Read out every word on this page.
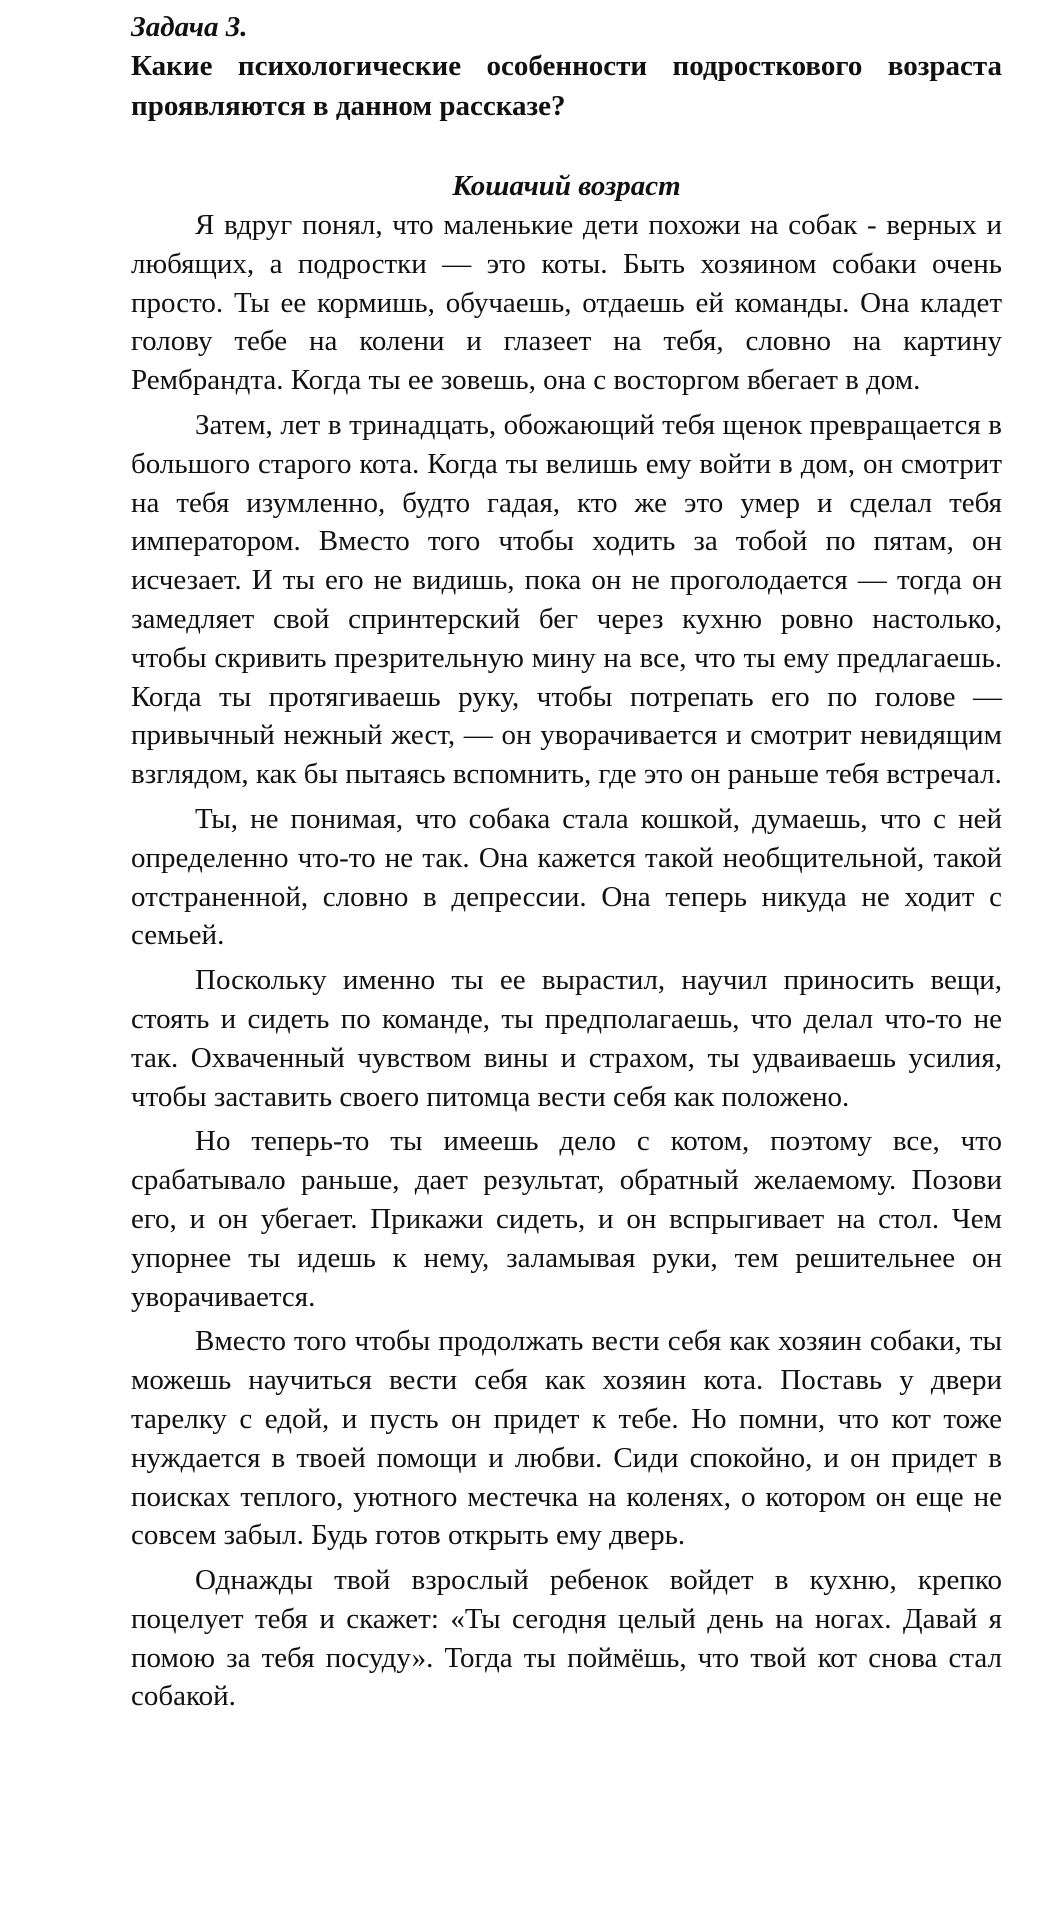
Задача 3.

Какие психологические особенности подросткового возраста проявляются в данном рассказе?

Кошачий возраст

Я вдруг понял, что маленькие дети похожи на собак - верных и любящих, а подростки — это коты. Быть хозяином собаки очень просто. Ты ее кормишь, обучаешь, отдаешь ей команды. Она кладет голову тебе на колени и глазеет на тебя, словно на картину Рембрандта. Когда ты ее зовешь, она с восторгом вбегает в дом.

Затем, лет в тринадцать, обожающий тебя щенок превращается в большого старого кота. Когда ты велишь ему войти в дом, он смотрит на тебя изумленно, будто гадая, кто же это умер и сделал тебя императором. Вместо того чтобы ходить за тобой по пятам, он исчезает. И ты его не видишь, пока он не проголодается — тогда он замедляет свой спринтерский бег через кухню ровно настолько, чтобы скривить презрительную мину на все, что ты ему предлагаешь. Когда ты протягиваешь руку, чтобы потрепать его по голове — привычный нежный жест, — он уворачивается и смотрит невидящим взглядом, как бы пытаясь вспомнить, где это он раньше тебя встречал.

Ты, не понимая, что собака стала кошкой, думаешь, что с ней определенно что-то не так. Она кажется такой необщительной, такой отстраненной, словно в депрессии. Она теперь никуда не ходит с семьей.

Поскольку именно ты ее вырастил, научил приносить вещи, стоять и сидеть по команде, ты предполагаешь, что делал что-то не так. Охваченный чувством вины и страхом, ты удваиваешь усилия, чтобы заставить своего питомца вести себя как положено.

Но теперь-то ты имеешь дело с котом, поэтому все, что срабатывало раньше, дает результат, обратный желаемому. Позови его, и он убегает. Прикажи сидеть, и он вспрыгивает на стол. Чем упорнее ты идешь к нему, заламывая руки, тем решительнее он уворачивается.

Вместо того чтобы продолжать вести себя как хозяин собаки, ты можешь научиться вести себя как хозяин кота. Поставь у двери тарелку с едой, и пусть он придет к тебе. Но помни, что кот тоже нуждается в твоей помощи и любви. Сиди спокойно, и он придет в поисках теплого, уютного местечка на коленях, о котором он еще не совсем забыл. Будь готов открыть ему дверь.

Однажды твой взрослый ребенок войдет в кухню, крепко поцелует тебя и скажет: «Ты сегодня целый день на ногах. Давай я помою за тебя посуду». Тогда ты поймёшь, что твой кот снова стал собакой.
